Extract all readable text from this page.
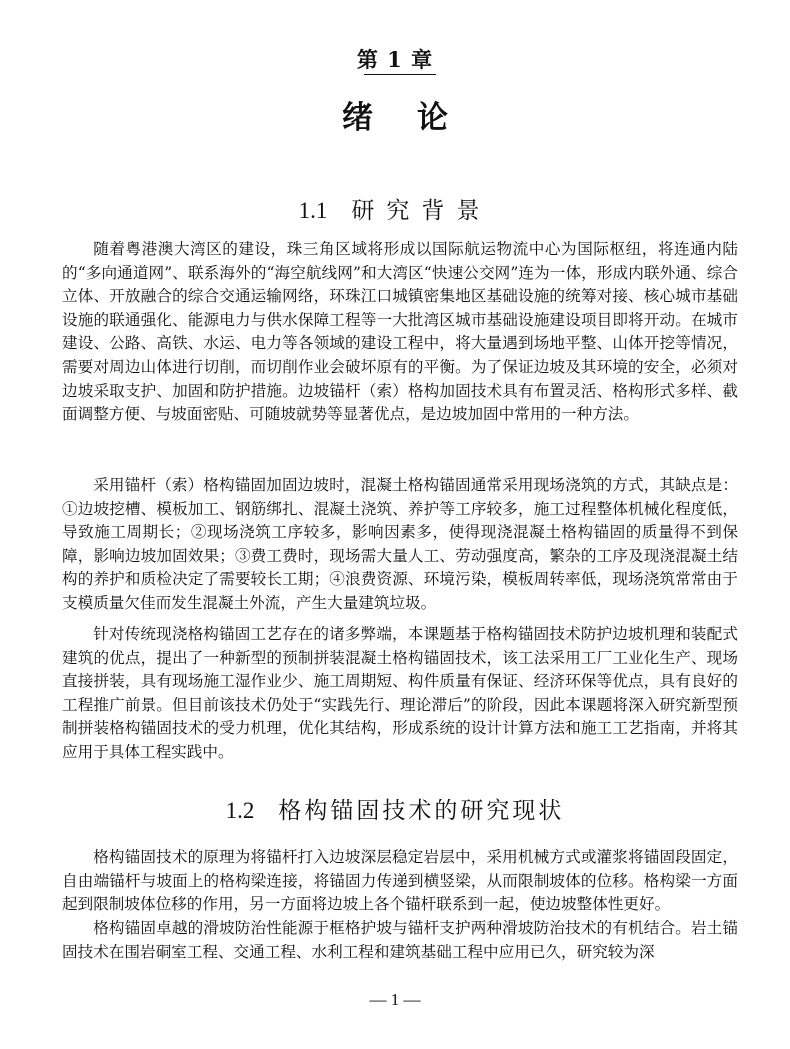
第 1 章
绪论
1.1 研究背景

随着粤港澳大湾区的建设，珠三角区域将形成以国际航运物流中心为国际枢纽，将连通内陆的“多向通道网”、联系海外的“海空航线网”和大湾区“快速公交网”连为一体，形成内联外通、综合立体、开放融合的综合交通运输网络，环珠江口城镇密集地区基础设施的统筹对接、核心城市基础设施的联通强化、能源电力与供水保障工程等一大批湾区城市基础设施建设项目即将开动。在城市建设、公路、高铁、水运、电力等各领域的建设工程中，将大量遇到场地平整、山体开挖等情况，需要对周边山体进行切削，而切削作业会破坏原有的平衡。为了保证边坡及其环境的安全，必须对边坡采取支护、加固和防护措施。边坡锚杆（索）格构加固技术具有布置灵活、格构形式多样、截面调整方便、与坡面密贴、可随坡就势等显著优点，是边坡加固中常用的一种方法。

采用锚杆（索）格构锚固加固边坡时，混凝土格构锚固通常采用现场浇筑的方式，其缺点是：①边坡挖槽、模板加工、钢筋绑扎、混凝土浇筑、养护等工序较多，施工过程整体机械化程度低，导致施工周期长；②现场浇筑工序较多，影响因素多，使得现浇混凝土格构锚固的质量得不到保障，影响边坡加固效果；③费工费时，现场需大量人工、劳动强度高，繁杂的工序及现浇混凝土结构的养护和质检决定了需要较长工期；④浪费资源、环境污染，模板周转率低，现场浇筑常常由于支模质量欠佳而发生混凝土外流，产生大量建筑垃圾。

针对传统现浇格构锚固工艺存在的诸多弊端，本课题基于格构锚固技术防护边坡机理和装配式建筑的优点，提出了一种新型的预制拼装混凝土格构锚固技术，该工法采用工厂工业化生产、现场直接拼装，具有现场施工湿作业少、施工周期短、构件质量有保证、经济环保等优点，具有良好的工程推广前景。但目前该技术仍处于“实践先行、理论滞后”的阶段，因此本课题将深入研究新型预制拼装格构锚固技术的受力机理，优化其结构，形成系统的设计计算方法和施工工艺指南，并将其应用于具体工程实践中。

1.2 格构锚固技术的研究现状

格构锚固技术的原理为将锚杆打入边坡深层稳定岩层中，采用机械方式或灌浆将锚固段固定，自由端锚杆与坡面上的格构梁连接，将锚固力传递到横竖梁，从而限制坡体的位移。格构梁一方面起到限制坡体位移的作用，另一方面将边坡上各个锚杆联系到一起，使边坡整体性更好。

格构锚固卓越的滑坡防治性能源于框格护坡与锚杆支护两种滑坡防治技术的有机结合。岩土锚固技术在围岩硐室工程、交通工程、水利工程和建筑基础工程中应用已久，研究较为深

— 1 —
